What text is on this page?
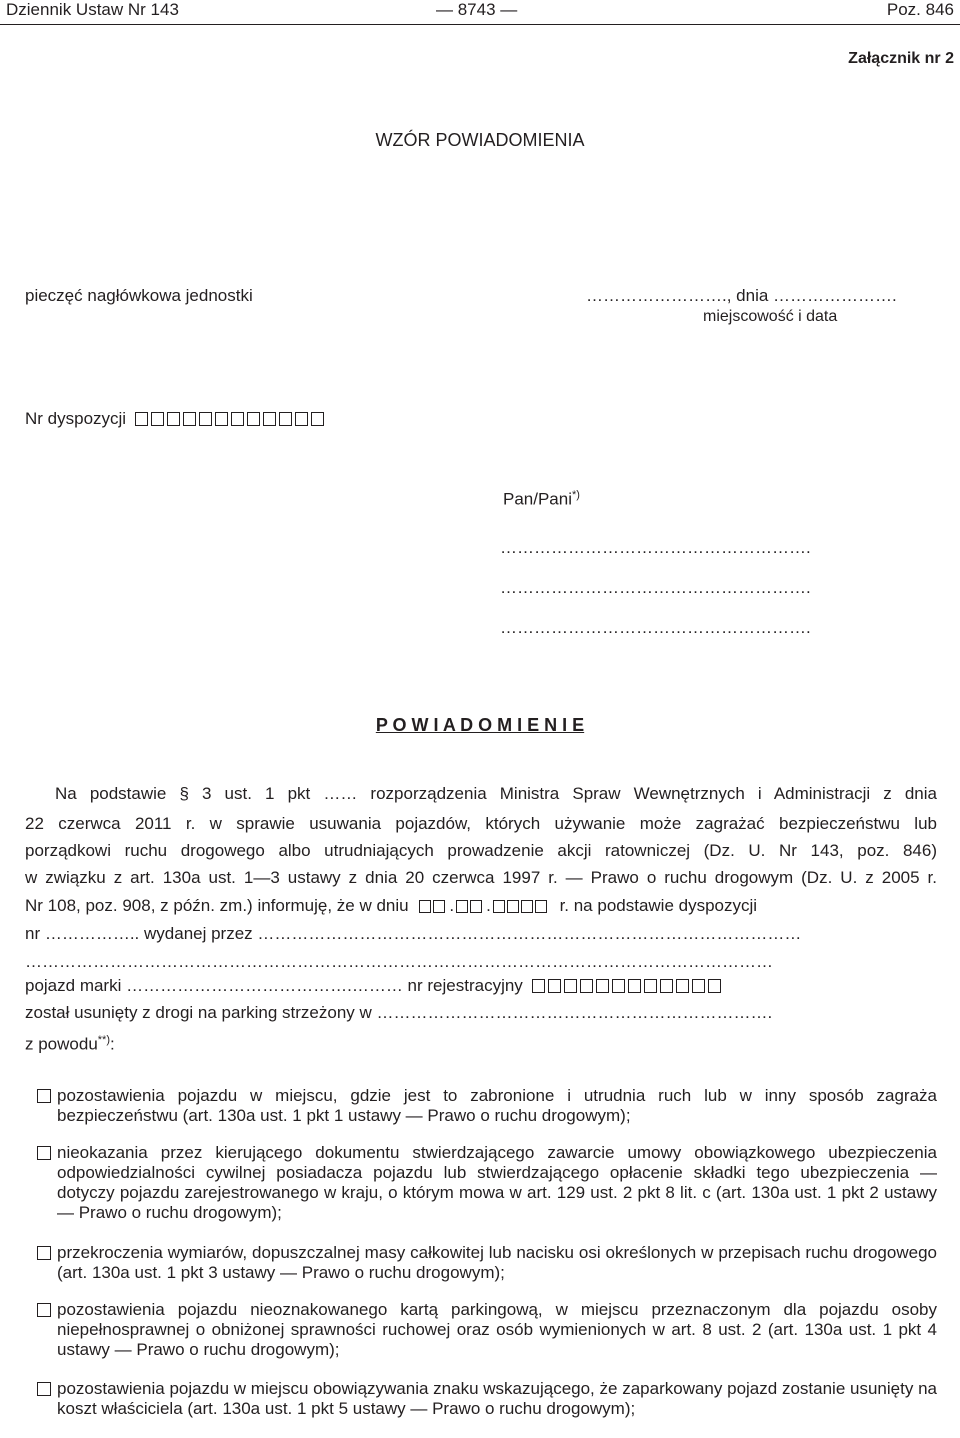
Dziennik Ustaw Nr 143	— 8743 —	Poz. 846
Załącznik nr 2
WZÓR POWIADOMIENIA
pieczęć nagłówkowa jednostki	……………………., dnia ………………….
miejscowość i data
Nr dyspozycji
Pan/Pani*)
……………………………………………….
……………………………………………….
……………………………………………….
P O W I A D O M I E N I E
Na podstawie § 3 ust. 1 pkt …… rozporządzenia Ministra Spraw Wewnętrznych i Administracji z dnia
22 czerwca 2011 r. w sprawie usuwania pojazdów, których używanie może zagrażać bezpieczeństwu lub
porządkowi ruchu drogowego albo utrudniających prowadzenie akcji ratowniczej (Dz. U. Nr 143, poz. 846)
w związku z art. 130a ust. 1—3 ustawy z dnia 20 czerwca 1997 r. — Prawo o ruchu drogowym (Dz. U. z 2005 r.
Nr 108, poz. 908, z późn. zm.) informuję, że w dniu . .	r. na podstawie dyspozycji
nr …………….. wydanej przez ……………………………………………………………………………………
……………………………………………………………………………………………………………………
pojazd marki ………………………………….……… nr rejestracyjny
został usunięty z drogi na parking strzeżony w …………………………………………………………….
z powodu**):
pozostawienia pojazdu w miejscu, gdzie jest to zabronione i utrudnia ruch lub w inny sposób zagraża bezpieczeństwu (art. 130a ust. 1 pkt 1 ustawy — Prawo o ruchu drogowym);
nieokazania przez kierującego dokumentu stwierdzającego zawarcie umowy obowiązkowego ubezpieczenia odpowiedzialności cywilnej posiadacza pojazdu lub stwierdzającego opłacenie składki tego ubezpieczenia — dotyczy pojazdu zarejestrowanego w kraju, o którym mowa w art. 129 ust. 2 pkt 8 lit. c (art. 130a ust. 1 pkt 2 ustawy — Prawo o ruchu drogowym);
przekroczenia wymiarów, dopuszczalnej masy całkowitej lub nacisku osi określonych w przepisach ruchu drogowego (art. 130a ust. 1 pkt 3 ustawy — Prawo o ruchu drogowym);
pozostawienia pojazdu nieoznakowanego kartą parkingową, w miejscu przeznaczonym dla pojazdu osoby niepełnosprawnej o obniżonej sprawności ruchowej oraz osób wymienionych w art. 8 ust. 2 (art. 130a ust. 1 pkt 4 ustawy — Prawo o ruchu drogowym);
pozostawienia pojazdu w miejscu obowiązywania znaku wskazującego, że zaparkowany pojazd zostanie usunięty na koszt właściciela (art. 130a ust. 1 pkt 5 ustawy — Prawo o ruchu drogowym);
